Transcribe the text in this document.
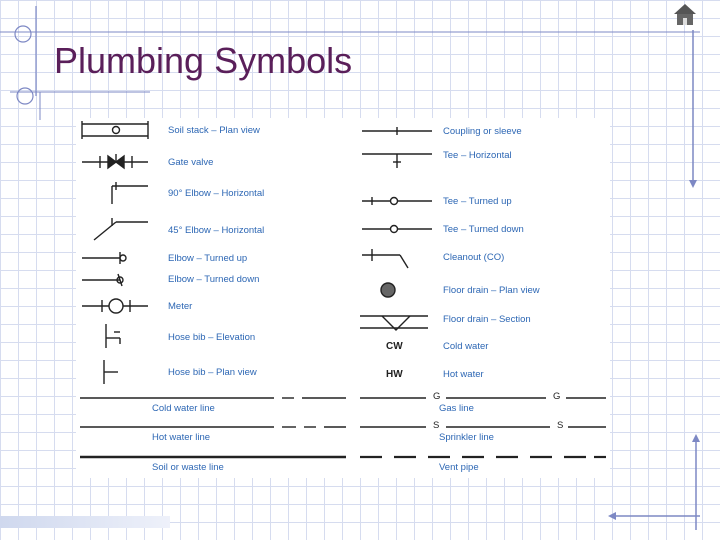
Plumbing Symbols
Soil stack – Plan view
Gate valve
90° Elbow – Horizontal
45° Elbow – Horizontal
Elbow – Turned up
Elbow – Turned down
Meter
Hose bib – Elevation
Hose bib – Plan view
Coupling or sleeve
Tee – Horizontal
Tee – Turned up
Tee – Turned down
Cleanout (CO)
Floor drain – Plan view
Floor drain – Section
Cold water
Hot water
CW
HW
G	G
S	S
Cold water line
Hot water line
Soil or waste line
Gas line
Sprinkler line
Vent pipe
